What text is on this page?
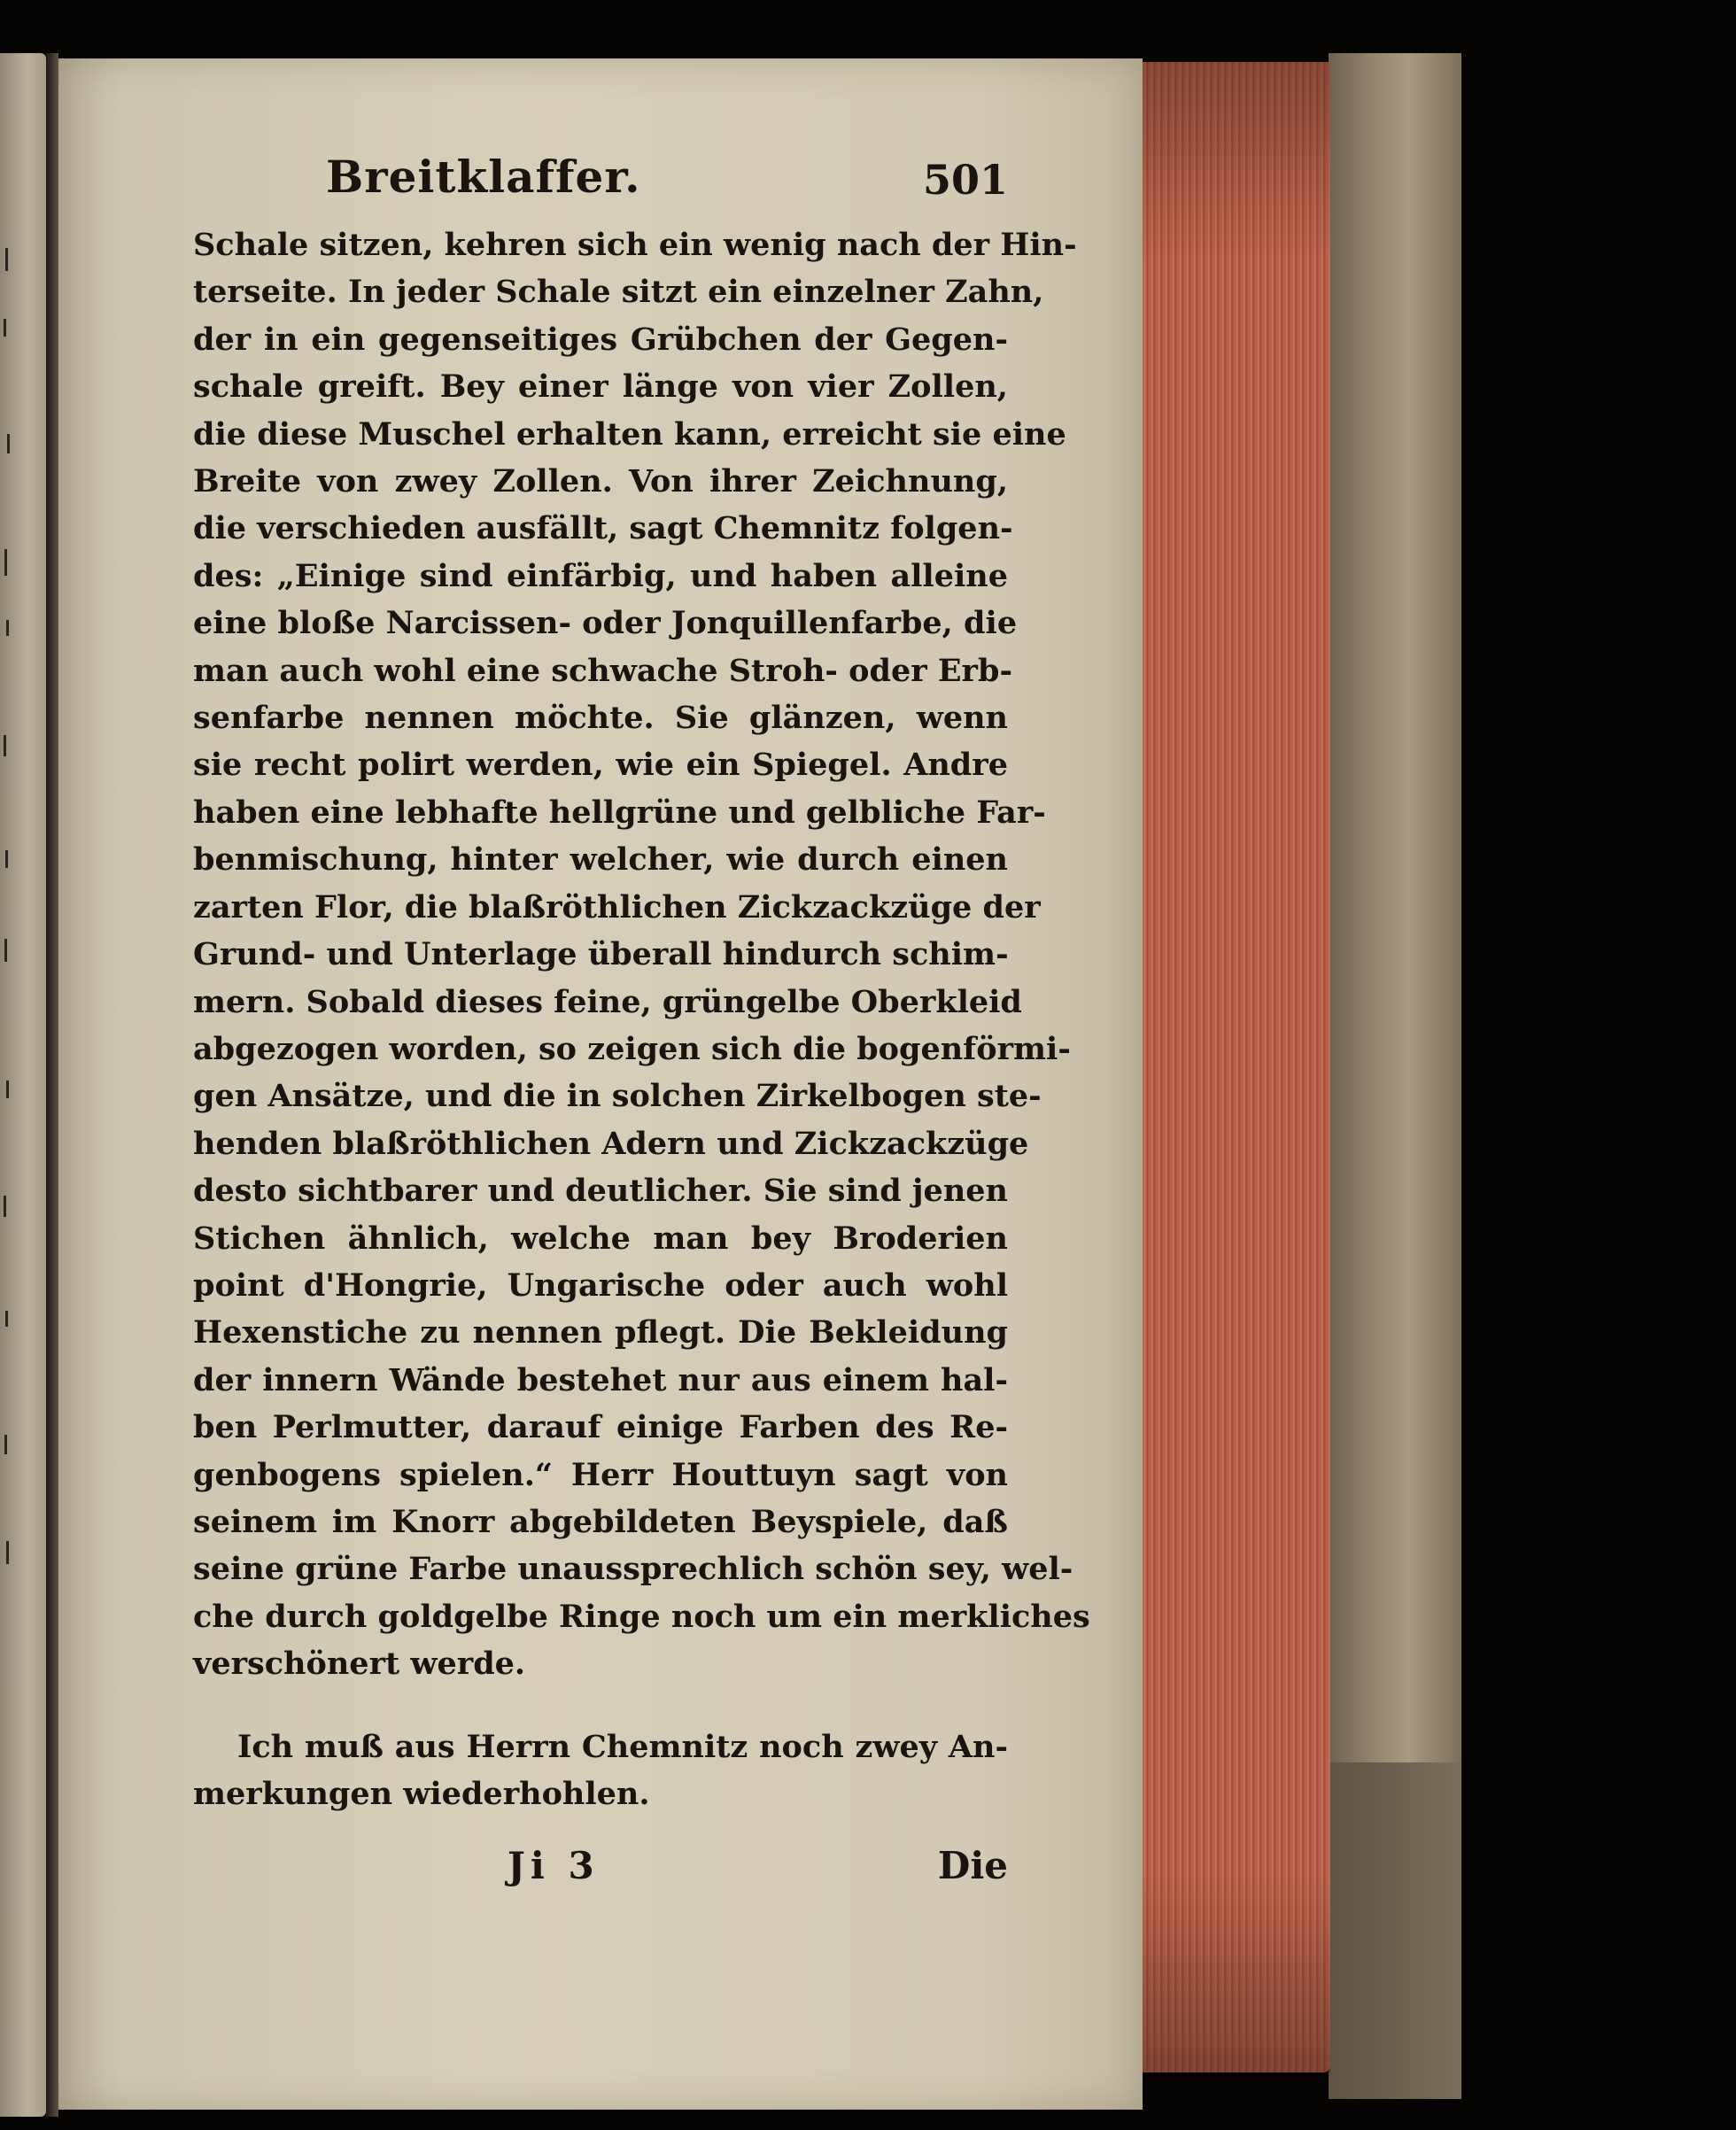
Breitklaffer.	501
Schale sitzen, kehren sich ein wenig nach der Hin-
terseite. In jeder Schale sitzt ein einzelner Zahn,
der in ein gegenseitiges Grübchen der Gegen-
schale greift. Bey einer länge von vier Zollen,
die diese Muschel erhalten kann, erreicht sie eine
Breite von zwey Zollen. Von ihrer Zeichnung,
die verschieden ausfällt, sagt Chemnitz folgen-
des: „Einige sind einfärbig, und haben alleine
eine bloße Narcissen- oder Jonquillenfarbe, die
man auch wohl eine schwache Stroh- oder Erb-
senfarbe nennen möchte. Sie glänzen, wenn
sie recht polirt werden, wie ein Spiegel. Andre
haben eine lebhafte hellgrüne und gelbliche Far-
benmischung, hinter welcher, wie durch einen
zarten Flor, die blaßröthlichen Zickzackzüge der
Grund- und Unterlage überall hindurch schim-
mern. Sobald dieses feine, grüngelbe Oberkleid
abgezogen worden, so zeigen sich die bogenförmi-
gen Ansätze, und die in solchen Zirkelbogen ste-
henden blaßröthlichen Adern und Zickzackzüge
desto sichtbarer und deutlicher. Sie sind jenen
Stichen ähnlich, welche man bey Broderien
point d'Hongrie, Ungarische oder auch wohl
Hexenstiche zu nennen pflegt. Die Bekleidung
der innern Wände bestehet nur aus einem hal-
ben Perlmutter, darauf einige Farben des Re-
genbogens spielen.“ Herr Houttuyn sagt von
seinem im Knorr abgebildeten Beyspiele, daß
seine grüne Farbe unaussprechlich schön sey, wel-
che durch goldgelbe Ringe noch um ein merkliches
verschönert werde.
Ich muß aus Herrn Chemnitz noch zwey An-
merkungen wiederhohlen.
Ji 3	Die
